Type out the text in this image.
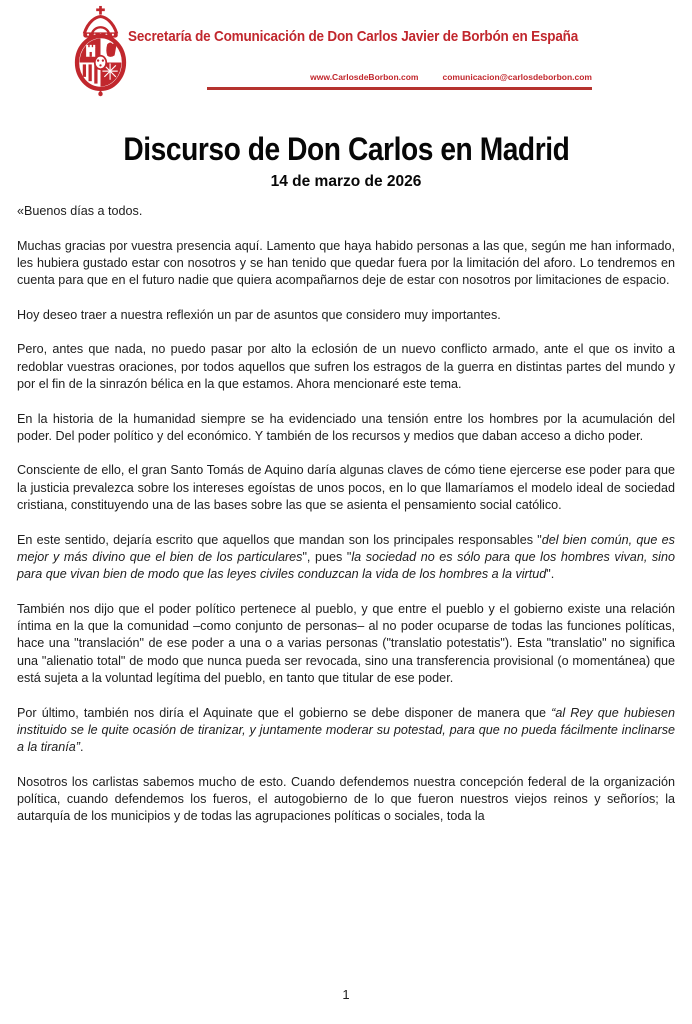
Secretaría de Comunicación de Don Carlos Javier de Borbón en España
www.CarlosdeBorbon.com	comunicacion@carlosdeborbon.com
Discurso de Don Carlos en Madrid
14 de marzo de 2026

«Buenos días a todos.

Muchas gracias por vuestra presencia aquí. Lamento que haya habido personas a las que, según me han informado, les hubiera gustado estar con nosotros y se han tenido que quedar fuera por la limitación del aforo. Lo tendremos en cuenta para que en el futuro nadie que quiera acompañarnos deje de estar con nosotros por limitaciones de espacio.

Hoy deseo traer a nuestra reflexión un par de asuntos que considero muy importantes.

Pero, antes que nada, no puedo pasar por alto la eclosión de un nuevo conflicto armado, ante el que os invito a redoblar vuestras oraciones, por todos aquellos que sufren los estragos de la guerra en distintas partes del mundo y por el fin de la sinrazón bélica en la que estamos. Ahora mencionaré este tema.

En la historia de la humanidad siempre se ha evidenciado una tensión entre los hombres por la acumulación del poder. Del poder político y del económico. Y también de los recursos y medios que daban acceso a dicho poder.

Consciente de ello, el gran Santo Tomás de Aquino daría algunas claves de cómo tiene ejercerse ese poder para que la justicia prevalezca sobre los intereses egoístas de unos pocos, en lo que llamaríamos el modelo ideal de sociedad cristiana, constituyendo una de las bases sobre las que se asienta el pensamiento social católico.

En este sentido, dejaría escrito que aquellos que mandan son los principales responsables "del bien común, que es mejor y más divino que el bien de los particulares", pues "la sociedad no es sólo para que los hombres vivan, sino para que vivan bien de modo que las leyes civiles conduzcan la vida de los hombres a la virtud".

También nos dijo que el poder político pertenece al pueblo, y que entre el pueblo y el gobierno existe una relación íntima en la que la comunidad –como conjunto de personas– al no poder ocuparse de todas las funciones políticas, hace una "translación" de ese poder a una o a varias personas ("translatio potestatis"). Esta "translatio" no significa una "alienatio total" de modo que nunca pueda ser revocada, sino una transferencia provisional (o momentánea) que está sujeta a la voluntad legítima del pueblo, en tanto que titular de ese poder.

Por último, también nos diría el Aquinate que el gobierno se debe disponer de manera que “al Rey que hubiesen instituido se le quite ocasión de tiranizar, y juntamente moderar su potestad, para que no pueda fácilmente inclinarse a la tiranía”.

Nosotros los carlistas sabemos mucho de esto. Cuando defendemos nuestra concepción federal de la organización política, cuando defendemos los fueros, el autogobierno de lo que fueron nuestros viejos reinos y señoríos; la autarquía de los municipios y de todas las agrupaciones políticas o sociales, toda la

1
